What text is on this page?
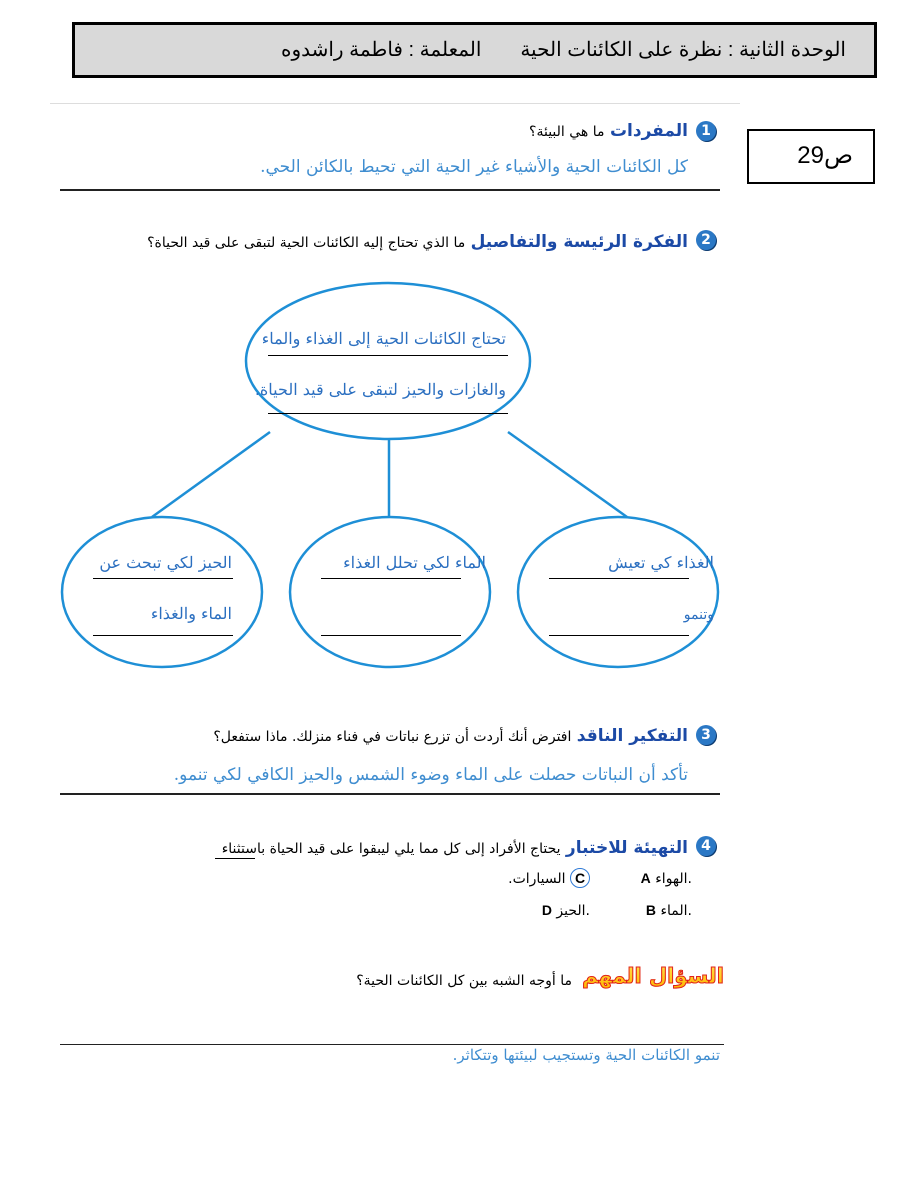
الوحدة الثانية : نظرة على الكائنات الحية       المعلمة : فاطمة راشدوه
ص29
1
المفردات ما هي البيئة؟
كل الكائنات الحية والأشياء غير الحية التي تحيط بالكائن الحي.
2
الفكرة الرئيسة والتفاصيل ما الذي تحتاج إليه الكائنات الحية لتبقى على قيد الحياة؟
تحتاج الكائنات الحية إلى الغذاء والماء
والغازات والحيز لتبقى على قيد الحياة.
الغذاء كي تعيش
وتنمو
الماء لكي تحلل الغذاء
الحيز لكي تبحث عن
الماء والغذاء
3
التفكير الناقد افترض أنك أردت أن تزرع نباتات في فناء منزلك. ماذا ستفعل؟
تأكد أن النباتات حصلت على الماء وضوء الشمس والحيز الكافي لكي تنمو.
4
التهيئة للاختبار يحتاج الأفراد إلى كل مما يلي ليبقوا على قيد الحياة باستثناء
A الهواء.
C السيارات.
B الماء.
D الحيز.
السؤال المهم
ما أوجه الشبه بين كل الكائنات الحية؟
تنمو الكائنات الحية وتستجيب لبيئتها وتتكاثر.
